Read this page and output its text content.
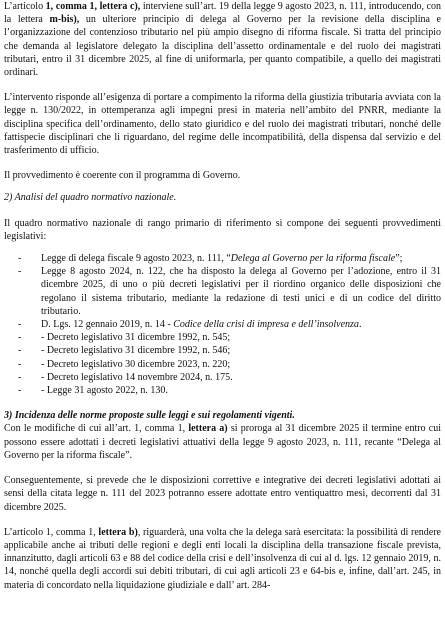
L’articolo 1, comma 1, lettera c), interviene sull’art. 19 della legge 9 agosto 2023, n. 111, introducendo, con la lettera m-bis), un ulteriore principio di delega al Governo per la revisione della disciplina e l’organizzazione del contenzioso tributario nel più ampio disegno di riforma fiscale. Si tratta del principio che demanda al legislatore delegato la disciplina dell’assetto ordinamentale e del ruolo dei magistrati tributari, entro il 31 dicembre 2025, al fine di uniformarla, per quanto compatibile, a quello dei magistrati ordinari.

L’intervento risponde all’esigenza di portare a compimento la riforma della giustizia tributaria avviata con la legge n. 130/2022, in ottemperanza agli impegni presi in materia nell’ambito del PNRR, mediante la disciplina specifica dell’ordinamento, dello stato giuridico e del ruolo dei magistrati tributari, nonché delle fattispecie disciplinari che li riguardano, del regime delle incompatibilità, della dispensa dal servizio e del trasferimento di ufficio.

Il provvedimento è coerente con il programma di Governo.

2) Analisi del quadro normativo nazionale.

Il quadro normativo nazionale di rango primario di riferimento si compone dei seguenti provvedimenti legislativi:

- Legge di delega fiscale 9 agosto 2023, n. 111, “Delega al Governo per la riforma fiscale”;
- Legge 8 agosto 2024, n. 122, che ha disposto la delega al Governo per l’adozione, entro il 31 dicembre 2025, di uno o più decreti legislativi per il riordino organico delle disposizioni che regolano il sistema tributario, mediante la redazione di testi unici e di un codice del diritto tributario.
- D. Lgs. 12 gennaio 2019, n. 14 - Codice della crisi di impresa e dell’insolvenza.
- - Decreto legislativo 31 dicembre 1992, n. 545;
- - Decreto legislativo 31 dicembre 1992, n. 546;
- - Decreto legislativo 30 dicembre 2023, n. 220;
- - Decreto legislativo 14 novembre 2024, n. 175.
- - Legge 31 agosto 2022, n. 130.
3) Incidenza delle norme proposte sulle leggi e sui regolamenti vigenti.

Con le modifiche di cui all’art. 1, comma 1, lettera a) si proroga al 31 dicembre 2025 il termine entro cui possono essere adottati i decreti legislativi attuativi della legge 9 agosto 2023, n. 111, recante “Delega al Governo per la riforma fiscale”.

Conseguentemente, si prevede che le disposizioni correttive e integrative dei decreti legislativi adottati ai sensi della citata legge n. 111 del 2023 potranno essere adottate entro ventiquattro mesi, decorrenti dal 31 dicembre 2025.

L’articolo 1, comma 1, lettera b), riguarderà, una volta che la delega sarà esercitata: la possibilità di rendere applicabile anche ai tributi delle regioni e degli enti locali la disciplina della transazione fiscale prevista, innanzitutto, dagli articoli 63 e 88 del codice della crisi e dell’insolvenza di cui al d. lgs. 12 gennaio 2019, n. 14, nonché quella degli accordi sui debiti tributari, di cui agli articoli 23 e 64-bis e, infine, dall’art. 245, in materia di concordato nella liquidazione giudiziale e dall’ art. 284-
